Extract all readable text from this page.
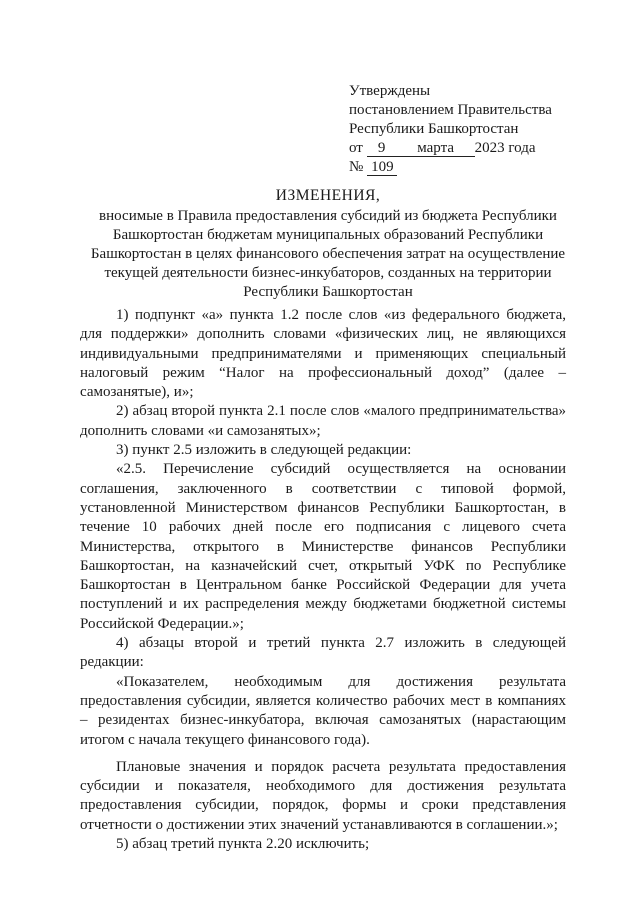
Утверждены
постановлением Правительства
Республики Башкортостан
от 9 марта 2023 года
№ 109
ИЗМЕНЕНИЯ,
вносимые в Правила предоставления субсидий из бюджета Республики Башкортостан бюджетам муниципальных образований Республики Башкортостан в целях финансового обеспечения затрат на осуществление текущей деятельности бизнес-инкубаторов, созданных на территории Республики Башкортостан

1) подпункт «а» пункта 1.2 после слов «из федерального бюджета, для поддержки» дополнить словами «физических лиц, не являющихся индивидуальными предпринимателями и применяющих специальный налоговый режим “Налог на профессиональный доход” (далее – самозанятые), и»;

2) абзац второй пункта 2.1 после слов «малого предпринимательства» дополнить словами «и самозанятых»;

3) пункт 2.5 изложить в следующей редакции:

«2.5. Перечисление субсидий осуществляется на основании соглашения, заключенного в соответствии с типовой формой, установленной Министерством финансов Республики Башкортостан, в течение 10 рабочих дней после его подписания с лицевого счета Министерства, открытого в Министерстве финансов Республики Башкортостан, на казначейский счет, открытый УФК по Республике Башкортостан в Центральном банке Российской Федерации для учета поступлений и их распределения между бюджетами бюджетной системы Российской Федерации.»;

4) абзацы второй и третий пункта 2.7 изложить в следующей редакции:

«Показателем, необходимым для достижения результата предоставления субсидии, является количество рабочих мест в компаниях – резидентах бизнес-инкубатора, включая самозанятых (нарастающим итогом с начала текущего финансового года).

Плановые значения и порядок расчета результата предоставления субсидии и показателя, необходимого для достижения результата предоставления субсидии, порядок, формы и сроки представления отчетности о достижении этих значений устанавливаются в соглашении.»;

5) абзац третий пункта 2.20 исключить;
